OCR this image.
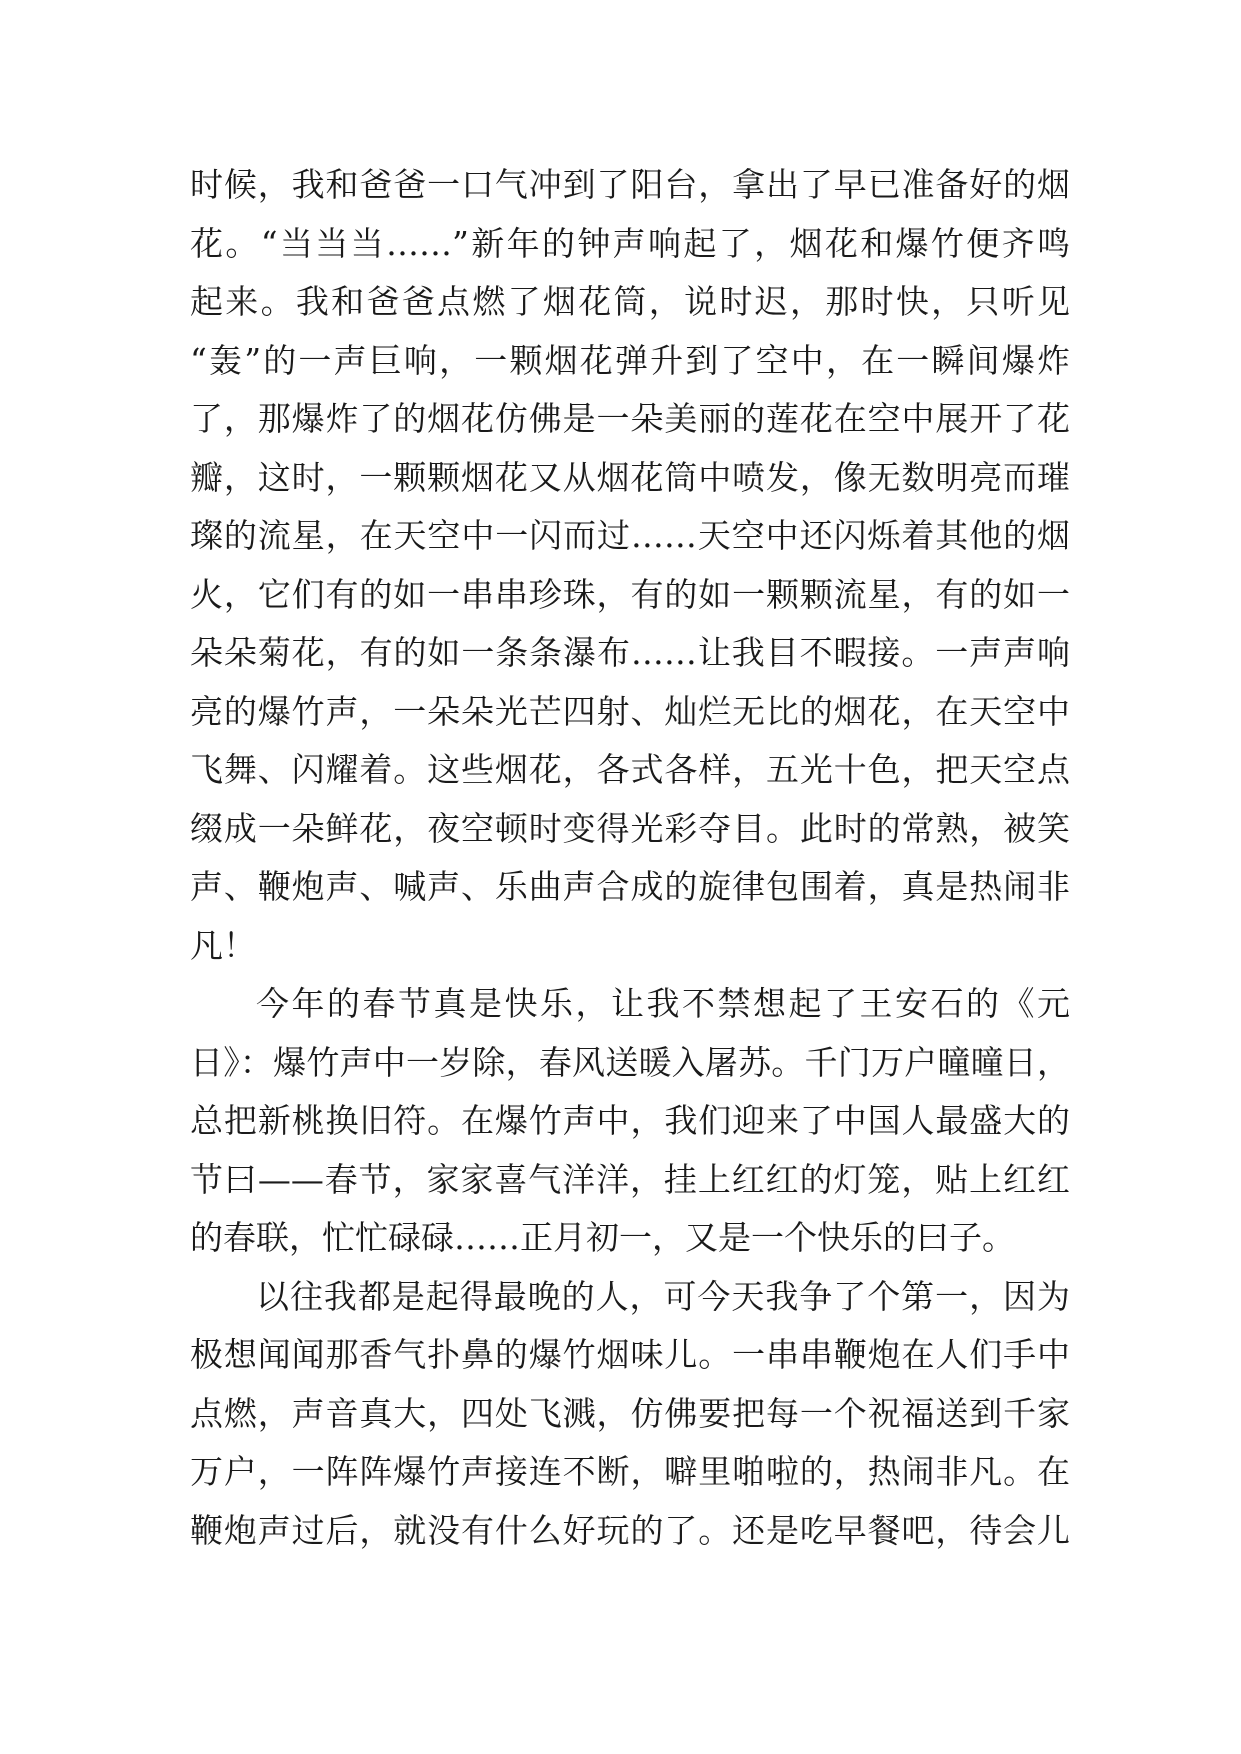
时候，我和爸爸一口气冲到了阳台，拿出了早已准备好的烟
花。“当当当……”新年的钟声响起了，烟花和爆竹便齐鸣
起来。我和爸爸点燃了烟花筒，说时迟，那时快，只听见
“轰”的一声巨响，一颗烟花弹升到了空中，在一瞬间爆炸
了，那爆炸了的烟花仿佛是一朵美丽的莲花在空中展开了花
瓣，这时，一颗颗烟花又从烟花筒中喷发，像无数明亮而璀
璨的流星，在天空中一闪而过……天空中还闪烁着其他的烟
火，它们有的如一串串珍珠，有的如一颗颗流星，有的如一
朵朵菊花，有的如一条条瀑布……让我目不暇接。一声声响
亮的爆竹声，一朵朵光芒四射、灿烂无比的烟花，在天空中
飞舞、闪耀着。这些烟花，各式各样，五光十色，把天空点
缀成一朵鲜花，夜空顿时变得光彩夺目。此时的常熟，被笑
声、鞭炮声、喊声、乐曲声合成的旋律包围着，真是热闹非
凡！

今年的春节真是快乐，让我不禁想起了王安石的《元
日》：爆竹声中一岁除，春风送暖入屠苏。千门万户曈曈日，
总把新桃换旧符。在爆竹声中，我们迎来了中国人最盛大的
节曰——春节，家家喜气洋洋，挂上红红的灯笼，贴上红红
的春联，忙忙碌碌……正月初一，又是一个快乐的曰子。

以往我都是起得最晚的人，可今天我争了个第一，因为
极想闻闻那香气扑鼻的爆竹烟味儿。一串串鞭炮在人们手中
点燃，声音真大，四处飞溅，仿佛要把每一个祝福送到千家
万户，一阵阵爆竹声接连不断，噼里啪啦的，热闹非凡。在
鞭炮声过后，就没有什么好玩的了。还是吃早餐吧，待会儿
